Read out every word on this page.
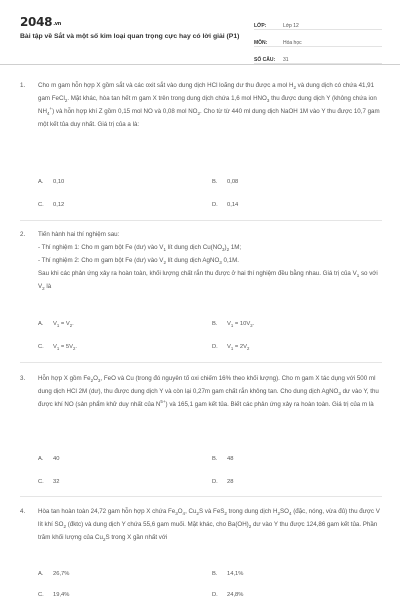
$2048_{.vn}$
Bài tập về Sắt và một số kim loại quan trọng cực hay có lời giải (P1)
LỚP:	Lớp 12
MÔN:	Hóa học
SỐ CÂU:	31
1. Cho m gam hỗn hợp X gồm sắt và các oxit sắt vào dung dịch HCl loãng dư thu được a mol $H_2$ và dung dịch có chứa 41,91 gam FeCl$_2$. Mặt khác, hòa tan hết m gam X trên trong dung dịch chứa 1,6 mol $HNO_3$ thu được dung dịch Y (không chứa ion $NH_4^+$) và hỗn hợp khí Z gồm 0,15 mol NO và 0,08 mol $NO_2$. Cho từ từ 440 ml dung dịch NaOH 1M vào Y thu được 10,7 gam một kết tủa duy nhất. Giá trị của a là:
A. 0,10	B. 0,08
C. 0,12	D. 0,14
2. Tiến hành hai thí nghiệm sau:
- Thí nghiệm 1: Cho m gam bột Fe (dư) vào $V_1$ lít dung dịch $Cu(NO_3)_2$ 1M;
- Thí nghiệm 2: Cho m gam bột Fe (dư) vào $V_2$ lít dung dịch AgNO$_3$ 0,1M.
Sau khi các phản ứng xảy ra hoàn toàn, khối lượng chất rắn thu được ở hai thí nghiệm đều bằng nhau. Giá trị của $V_1$ so với $V_2$ là
A. $V_1 = V_2$.	B. $V_1 = 10V_2$.
C. $V_1 = 5V_2$.	D. $V_1 = 2V_2$
3. Hỗn hợp X gồm $Fe_2O_3$, FeO và Cu (trong đó nguyên tố oxi chiếm 16% theo khối lượng). Cho m gam X tác dụng với 500 ml dung dịch HCl 2M (dư), thu được dung dịch Y và còn lại 0,27m gam chất rắn không tan. Cho dung dịch AgNO$_3$ dư vào Y, thu được khí NO (sản phẩm khử duy nhất của $N^{5+}$) và 165,1 gam kết tủa. Biết các phản ứng xảy ra hoàn toàn. Giá trị của m là
A. 40	B. 48
C. 32	D. 28
4. Hòa tan hoàn toàn 24,72 gam hỗn hợp X chứa $Fe_3O_4$, $Cu_2S$ và FeS$_2$ trong dung dịch $H_2SO_4$ (đặc, nóng, vừa đủ) thu được V lít khí $SO_2$ (đktc) và dung dịch Y chứa 55,6 gam muối. Mặt khác, cho $Ba(OH)_2$ dư vào Y thu được 124,86 gam kết tủa. Phần trăm khối lượng của $Cu_2S$ trong X gần nhất với
A. 26,7%	B. 14,1%
C. 19,4%	D. 24,8%
